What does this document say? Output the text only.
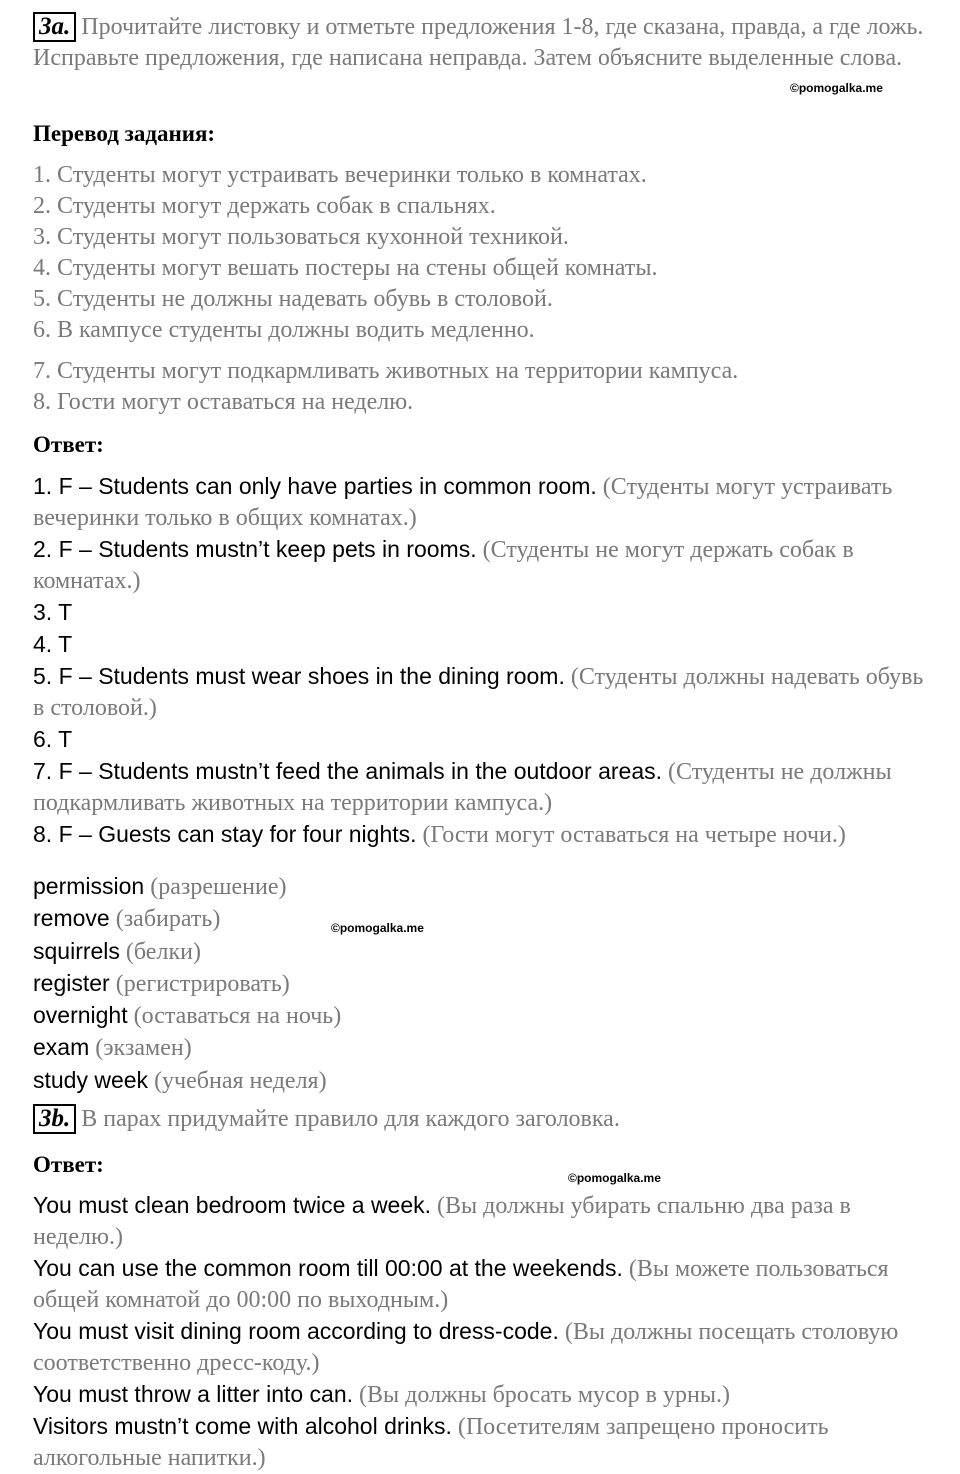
3a. Прочитайте листовку и отметьте предложения 1-8, где сказана, правда, а где ложь. Исправьте предложения, где написана неправда. Затем объясните выделенные слова.

Перевод задания:

1. Студенты могут устраивать вечеринки только в комнатах.

2. Студенты могут держать собак в спальнях.

3. Студенты могут пользоваться кухонной техникой.

4. Студенты могут вешать постеры на стены общей комнаты.

5. Студенты не должны надевать обувь в столовой.

6. В кампусе студенты должны водить медленно.

7. Студенты могут подкармливать животных на территории кампуса.

8. Гости могут оставаться на неделю.

Ответ:

1. F – Students can only have parties in common room. (Студенты могут устраивать вечеринки только в общих комнатах.)

2. F – Students mustn’t keep pets in rooms. (Студенты не могут держать собак в комнатах.)

3. T

4. T

5. F – Students must wear shoes in the dining room. (Студенты должны надевать обувь в столовой.)

6. T

7. F – Students mustn’t feed the animals in the outdoor areas. (Студенты не должны подкармливать животных на территории кампуса.)

8. F – Guests can stay for four nights. (Гости могут оставаться на четыре ночи.)

permission (разрешение)

remove (забирать)

squirrels (белки)

register (регистрировать)

overnight (оставаться на ночь)

exam (экзамен)

study week (учебная неделя)

3b. В парах придумайте правило для каждого заголовка.

Ответ:

You must clean bedroom twice a week. (Вы должны убирать спальню два раза в неделю.)

You can use the common room till 00:00 at the weekends. (Вы можете пользоваться общей комнатой до 00:00 по выходным.)

You must visit dining room according to dress-code. (Вы должны посещать столовую соответственно дресс-коду.)

You must throw a litter into can. (Вы должны бросать мусор в урны.)

Visitors mustn’t come with alcohol drinks. (Посетителям запрещено проносить алкогольные напитки.)

©pomogalka.me
©pomogalka.me
©pomogalka.me
